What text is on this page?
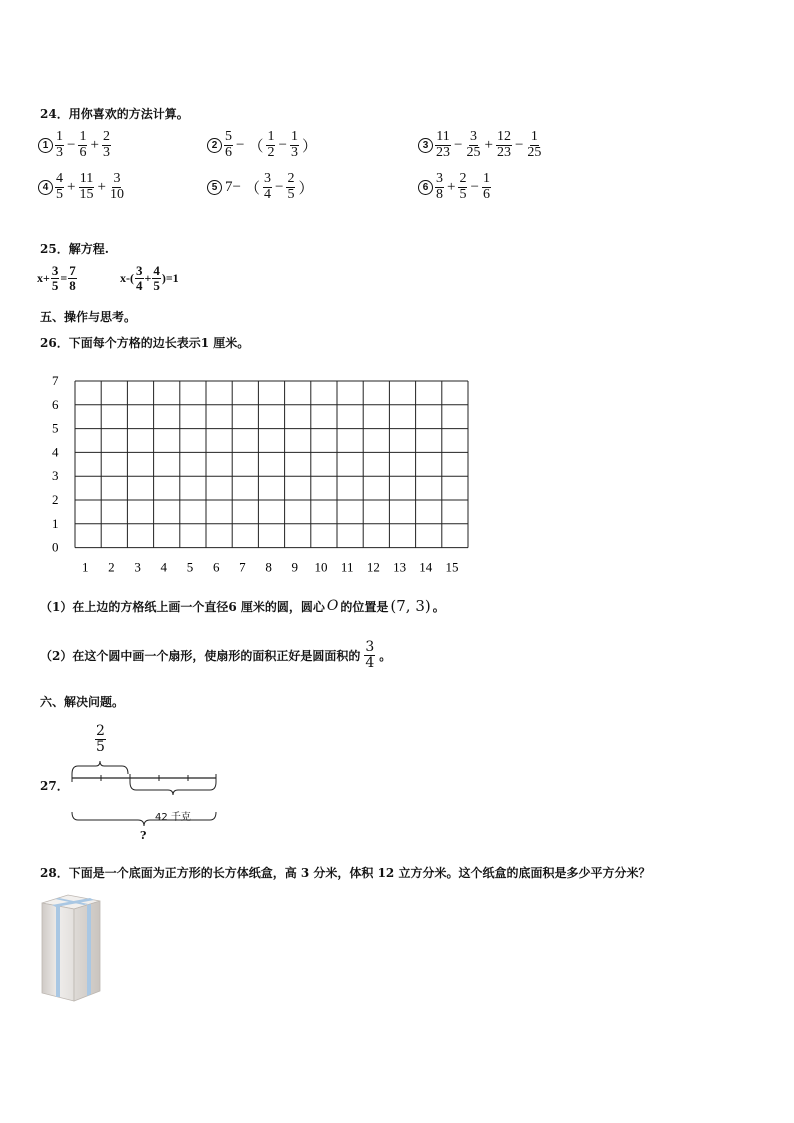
24．用你喜欢的方法计算。
$1 \frac{1}{3} - \frac{1}{6} + \frac{2}{3}$	$2 \frac{5}{6}$ − （ $\frac{1}{2} - \frac{1}{3}$ ）	$3 \frac{11}{23} - \frac{3}{25} + \frac{12}{23} - \frac{1}{25}$
$4 \frac{4}{5} + \frac{11}{15} + \frac{3}{10}$	5 7− （ $\frac{3}{4} - \frac{2}{5}$ ）	$6 \frac{3}{8} + \frac{2}{5} - \frac{1}{6}$
25．解方程.
$x+ \frac{3}{5} = \frac{7}{8}$	$x-( \frac{3}{4} + \frac{4}{5} )=1$
五、操作与思考。
26．下面每个方格的边长表示1 厘米。
7
6
5
4
3
2
1
0
1 2 3 4 5 6 7 8 9 10 11 12 13 14 15
（1）在上边的方格纸上画一个直径6 厘米的圆，圆心 O 的位置是 (7, 3) 。
（2）在这个圆中画一个扇形，使扇形的面积正好是圆面积的 $\frac{3}{4}$ 。
六、解决问题。
27．
$\frac{2}{5}$
42 千克
?
28．下面是一个底面为正方形的长方体纸盒，高 3 分米，体积 12 立方分米。这个纸盒的底面积是多少平方分米？
